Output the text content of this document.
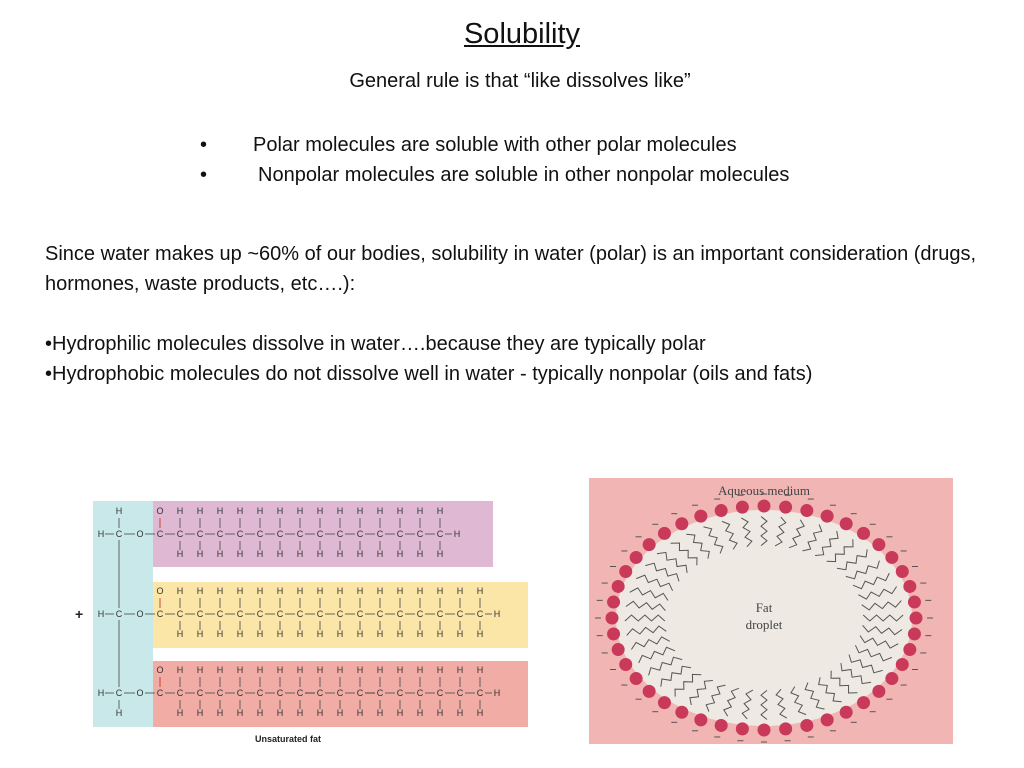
Solubility
General rule is that “like dissolves like”
• Polar molecules are soluble with other polar molecules
•	Nonpolar molecules are soluble in other nonpolar molecules
Since water makes up ~60% of our bodies, solubility in water (polar) is an important consideration (drugs, hormones, waste products, etc….):
•Hydrophilic molecules dissolve in water….because they are typically polar
•Hydrophobic molecules do not dissolve well in water - typically nonpolar (oils and fats)
+
C
H	O
H
C
H	O
C
H	O
H
C
O
C
H
H
C
H
H
C
H
H
C
H
H
C
H
H
C
H
H
C
H
H
C
H
H
C
H
H
C
H
H
C
H
H
C
H
H
C
H
H
C
H
H
H
C
O
C
H
H
C
H
H
C
H
H
C
H
H
C
H
H
C
H
H
C
H
H
C
H
H
C
H
H
C
H
H
C
H
H
C
H
H
C
H
H
C
H
H
C
H
H
C
H
H
H
C
O
C
H
H
C
H
H
C
H
H
C
H
H
C
H
H
C
H
H
C
H
H
C
H
H
C
H
H
C
H
H
C
H
H
C
H
H
C
H
H
C
H
H
C
H
H
C
H
H
H
Unsaturated fat
Aqueous medium
Fat
droplet
